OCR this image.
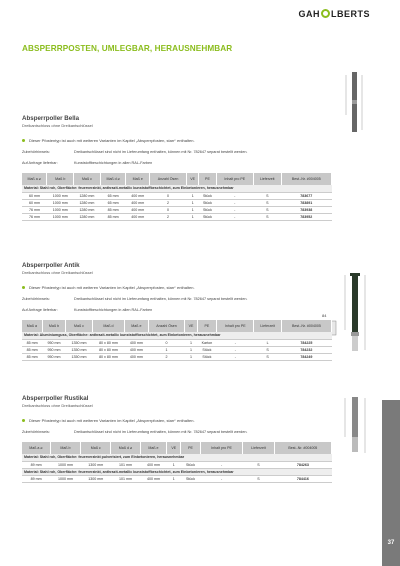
GAH LBERTS
ABSPERRPOSTEN, UMLEGBAR, HERAUSNEHMBAR
84
Absperrpoller Bella
Dreikantschloss ohne Dreikantschlüssel
Dieser Pfostentyp ist auch mit weiteren Varianten im Kapitel „Absperrpfosten, starr“ enthalten.
Zubehörhinweis:	Dreikantschlüssel sind nicht im Lieferumfang enthalten, können mit Nr. 782647 separat bestellt werden.
Auf Anfrage lieferbar:	Kunststoffbeschichtungen in allen RAL-Farben
Maß a ⌀	Maß b	Maß c	Maß d ⌀	Maß e	Anzahl Ösen	VE	PE	Inhalt pro PE	Lieferzeit	Best.-Nr. #004005
Material: Stahl roh, Oberfläche: feuerverzinkt, anthrazit-metallic kunststoffbeschichtet, zum Einbetonieren, herausnehmbar										
60 mm	1000 mm	1280 mm	65 mm	400 mm	0	1	Stück	-	S	783677
60 mm	1000 mm	1280 mm	65 mm	400 mm	2	1	Stück	-	S	783891
76 mm	1000 mm	1280 mm	85 mm	400 mm	0	1	Stück	-	S	783938
76 mm	1000 mm	1280 mm	85 mm	400 mm	2	1	Stück	-	S	783952
Absperrpoller Antik
Dreikantschloss ohne Dreikantschlüssel
Dieser Pfostentyp ist auch mit weiteren Varianten im Kapitel „Absperrpfosten, starr“ enthalten.
Zubehörhinweis:	Dreikantschlüssel sind nicht im Lieferumfang enthalten, können mit Nr. 782647 separat bestellt werden.
Auf Anfrage lieferbar:	Kunststoffbeschichtungen in allen RAL-Farben
Maß a	Maß b	Maß c	Maß d	Maß e	Anzahl Ösen	VE	PE	Inhalt pro PE	Lieferzeit	Best.-Nr. #004005
Material: Aluminiumguss, Oberfläche: anthrazit-metallic kunststoffbeschichtet, zum Einbetonieren, herausnehmbar										
85 mm	950 mm	1350 mm	80 x 80 mm	400 mm	0	1	Karton	-	L	784225
85 mm	950 mm	1350 mm	80 x 80 mm	400 mm	1	1	Stück	-	S	784232
85 mm	950 mm	1350 mm	80 x 80 mm	400 mm	2	1	Stück	-	S	784249
Absperrpoller Rustikal
Dreikantschloss ohne Dreikantschlüssel
Dieser Pfostentyp ist auch mit weiteren Varianten im Kapitel „Absperrpfosten, starr“ enthalten.
Zubehörhinweis:	Dreikantschlüssel sind nicht im Lieferumfang enthalten, können mit Nr. 782647 separat bestellt werden.
Maß a ⌀	Maß b	Maß c	Maß d ⌀	Maß e	VE	PE	Inhalt pro PE	Lieferzeit	Best.-Nr. #004005
Material: Stahl roh, Oberfläche: feuerverzinkt pulverisiert, zum Einbetonieren, herausnehmbar									
89 mm	1000 mm	1300 mm	101 mm	400 mm	1	Stück	-	S	784263
Material: Stahl roh, Oberfläche: feuerverzinkt, anthrazit-metallic kunststoffbeschichtet, zum Einbetonieren, herausnehmbar									
89 mm	1000 mm	1300 mm	101 mm	400 mm	1	Stück	-	S	784416
37
